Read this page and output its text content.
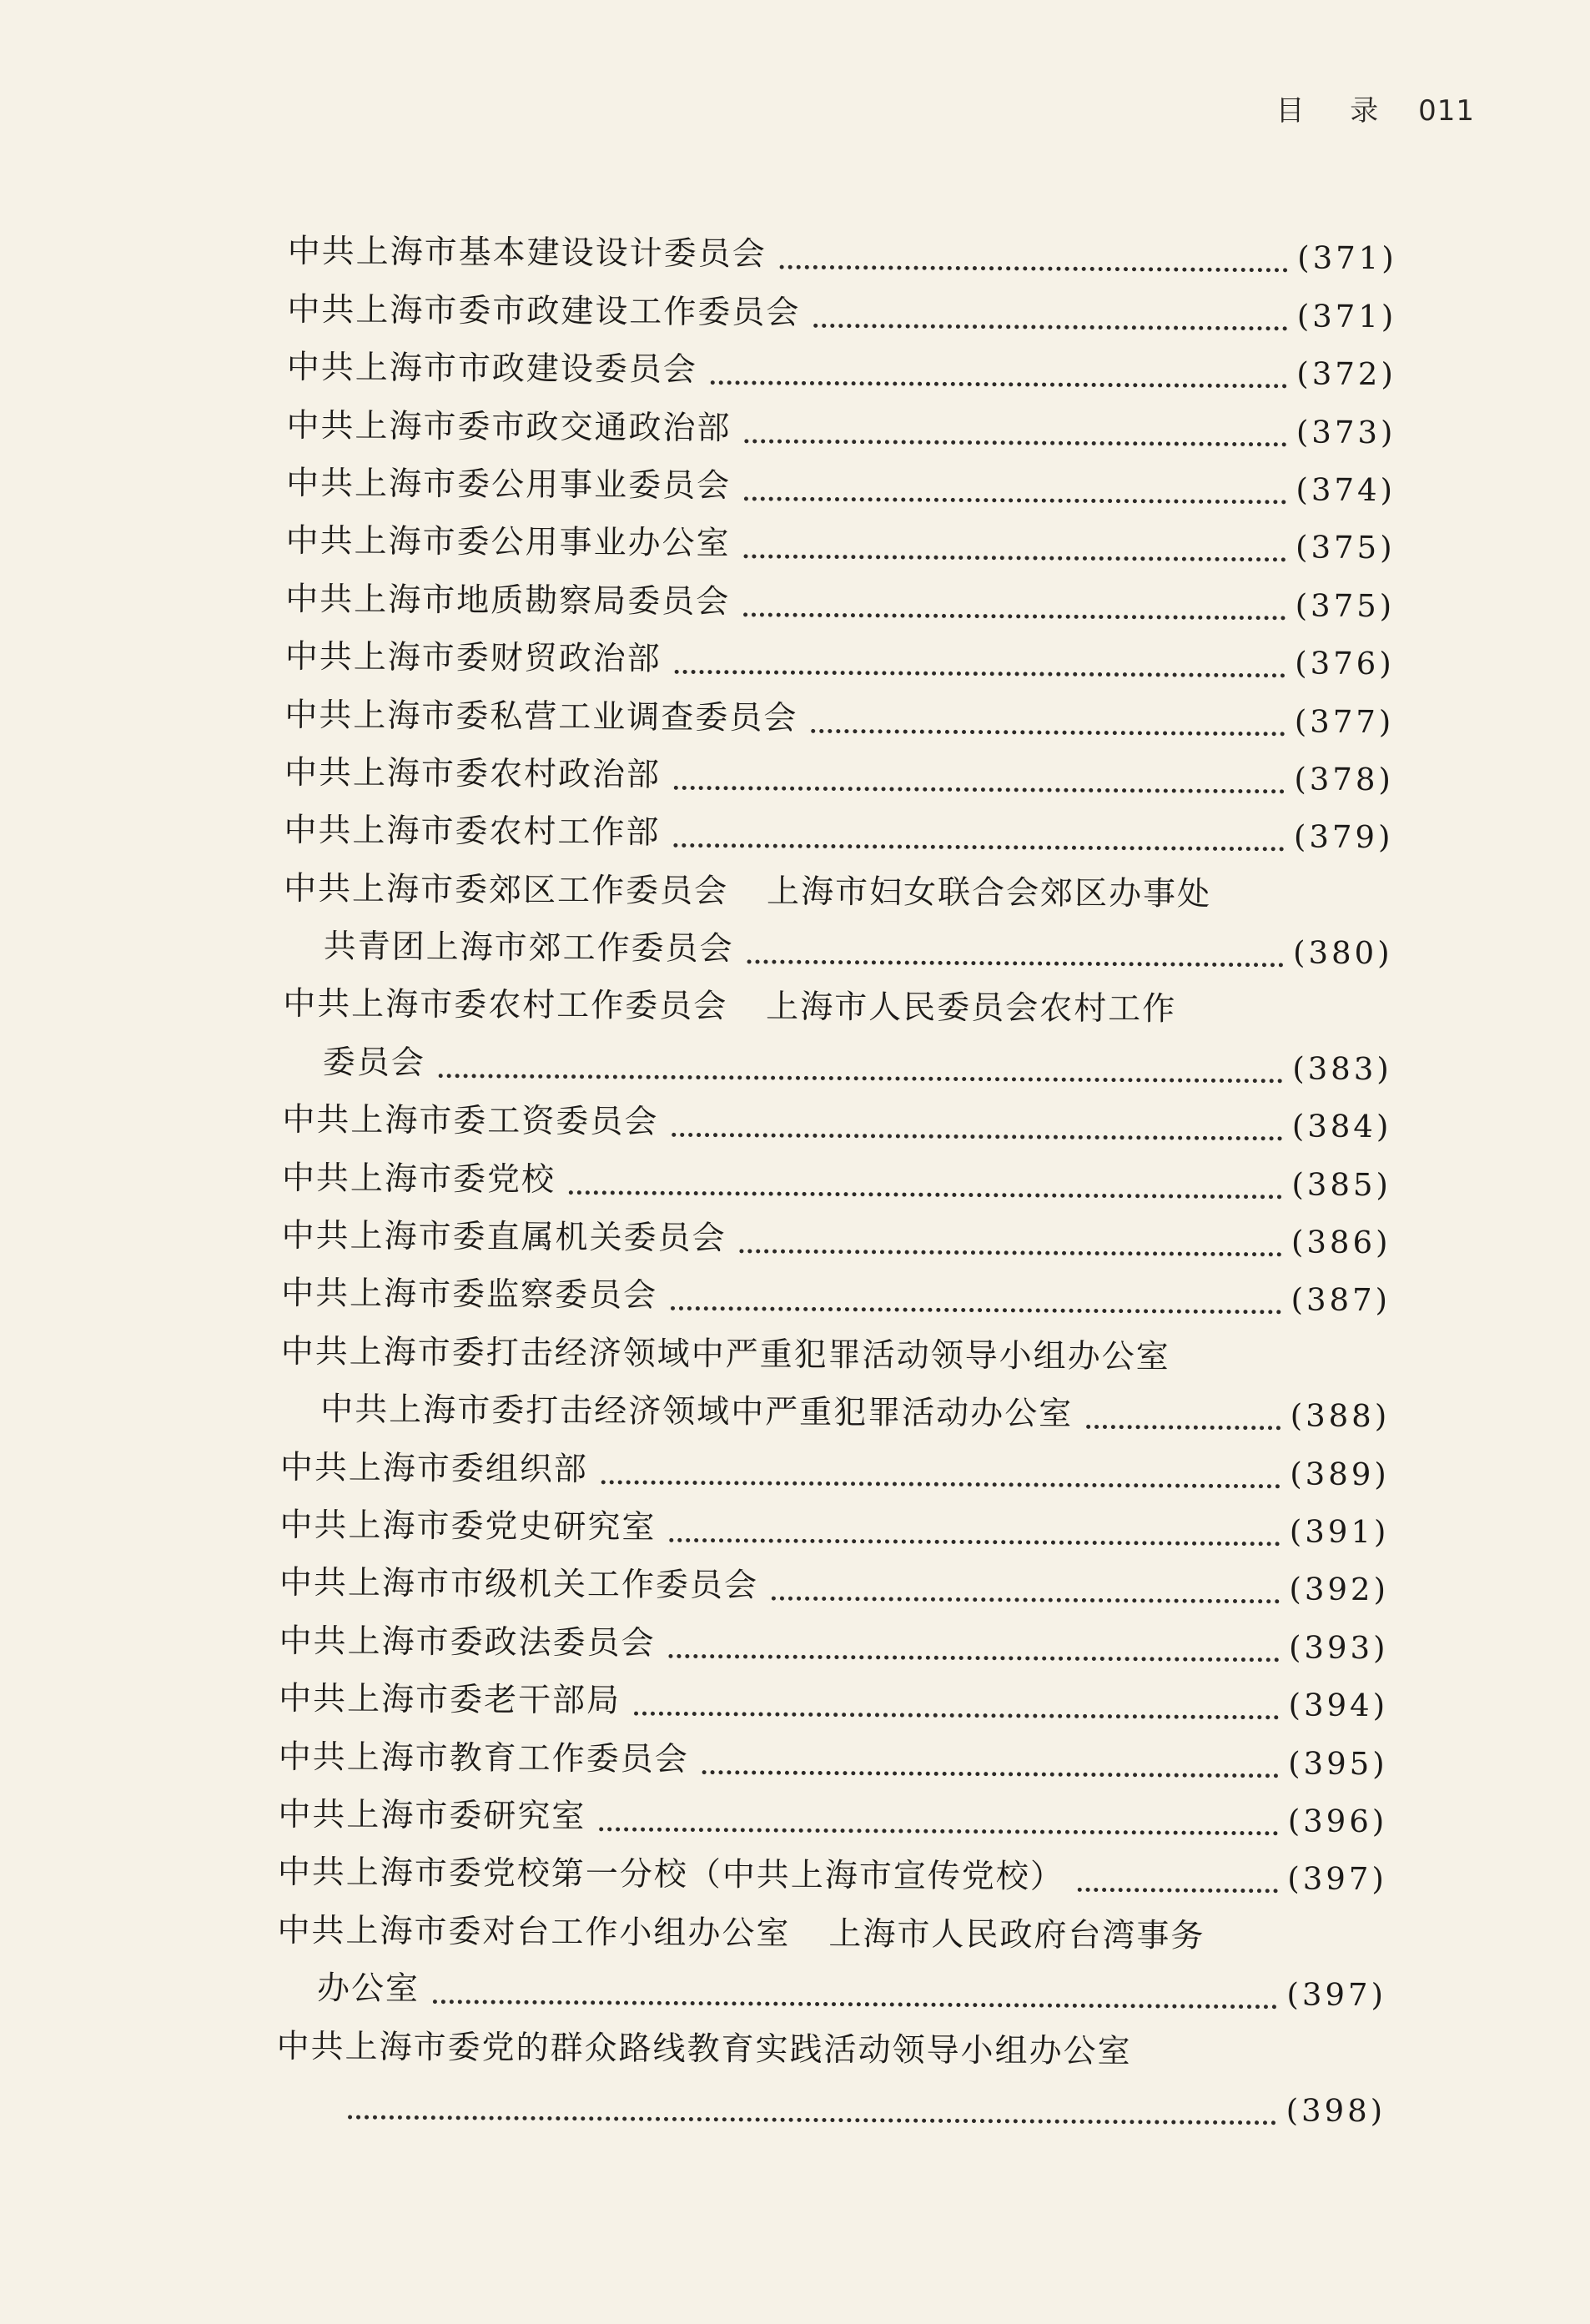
目 录 011
中共上海市基本建设设计委员会	(371)
中共上海市委市政建设工作委员会	(371)
中共上海市市政建设委员会	(372)
中共上海市委市政交通政治部	(373)
中共上海市委公用事业委员会	(374)
中共上海市委公用事业办公室	(375)
中共上海市地质勘察局委员会	(375)
中共上海市委财贸政治部	(376)
中共上海市委私营工业调查委员会	(377)
中共上海市委农村政治部	(378)
中共上海市委农村工作部	(379)
中共上海市委郊区工作委员会 上海市妇女联合会郊区办事处
共青团上海市郊工作委员会	(380)
中共上海市委农村工作委员会 上海市人民委员会农村工作
委员会	(383)
中共上海市委工资委员会	(384)
中共上海市委党校	(385)
中共上海市委直属机关委员会	(386)
中共上海市委监察委员会	(387)
中共上海市委打击经济领域中严重犯罪活动领导小组办公室
中共上海市委打击经济领域中严重犯罪活动办公室	(388)
中共上海市委组织部	(389)
中共上海市委党史研究室	(391)
中共上海市市级机关工作委员会	(392)
中共上海市委政法委员会	(393)
中共上海市委老干部局	(394)
中共上海市教育工作委员会	(395)
中共上海市委研究室	(396)
中共上海市委党校第一分校（中共上海市宣传党校）	(397)
中共上海市委对台工作小组办公室 上海市人民政府台湾事务
办公室	(397)
中共上海市委党的群众路线教育实践活动领导小组办公室
(398)
